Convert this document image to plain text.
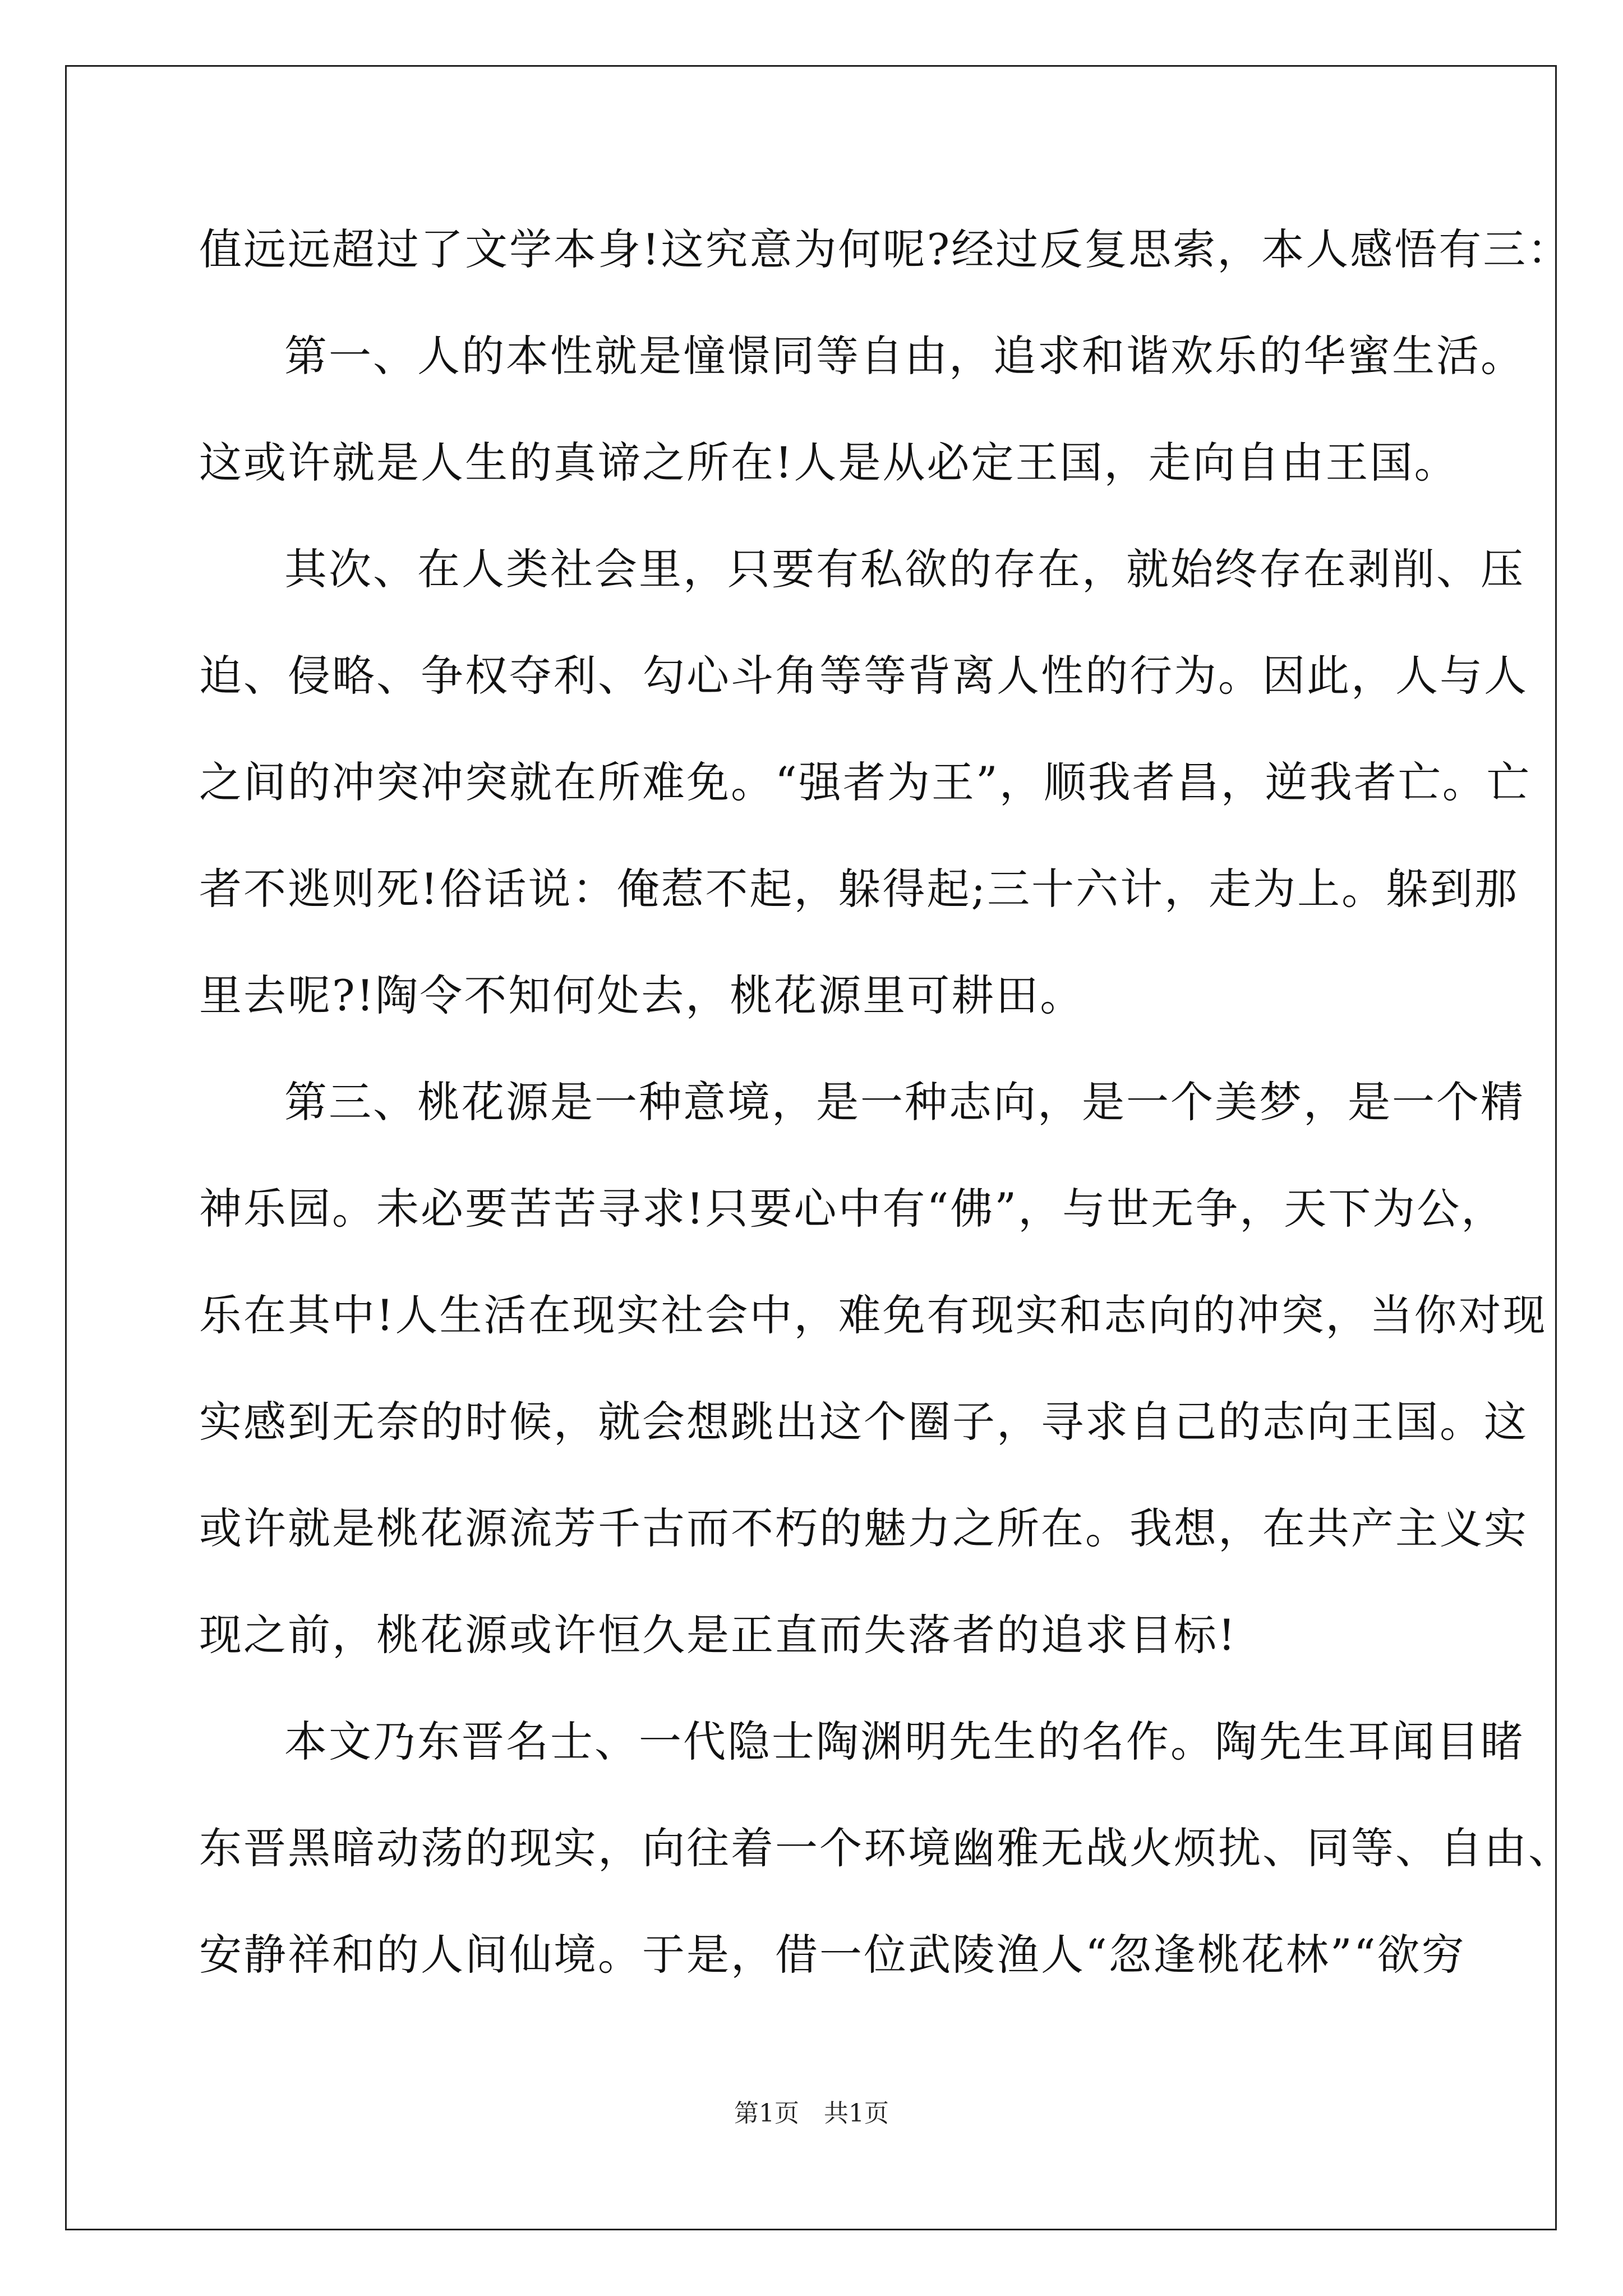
值远远超过了文学本身!这究意为何呢?经过反复思索，本人感悟有三：
第一、人的本性就是憧憬同等自由，追求和谐欢乐的华蜜生活。
这或许就是人生的真谛之所在!人是从必定王国，走向自由王国。
其次、在人类社会里，只要有私欲的存在，就始终存在剥削、压
迫、侵略、争权夺利、勾心斗角等等背离人性的行为。因此，人与人
之间的冲突冲突就在所难免。“强者为王”，顺我者昌，逆我者亡。亡
者不逃则死!俗话说：俺惹不起，躲得起;三十六计，走为上。躲到那
里去呢?!陶令不知何处去，桃花源里可耕田。
第三、桃花源是一种意境，是一种志向，是一个美梦，是一个精
神乐园。未必要苦苦寻求!只要心中有“佛”，与世无争，天下为公，
乐在其中!人生活在现实社会中，难免有现实和志向的冲突，当你对现
实感到无奈的时候，就会想跳出这个圈子，寻求自己的志向王国。这
或许就是桃花源流芳千古而不朽的魅力之所在。我想，在共产主义实
现之前，桃花源或许恒久是正直而失落者的追求目标!
本文乃东晋名士、一代隐士陶渊明先生的名作。陶先生耳闻目睹
东晋黑暗动荡的现实，向往着一个环境幽雅无战火烦扰、同等、自由、
安静祥和的人间仙境。于是，借一位武陵渔人“忽逢桃花林”“欲穷
第1页 共1页
